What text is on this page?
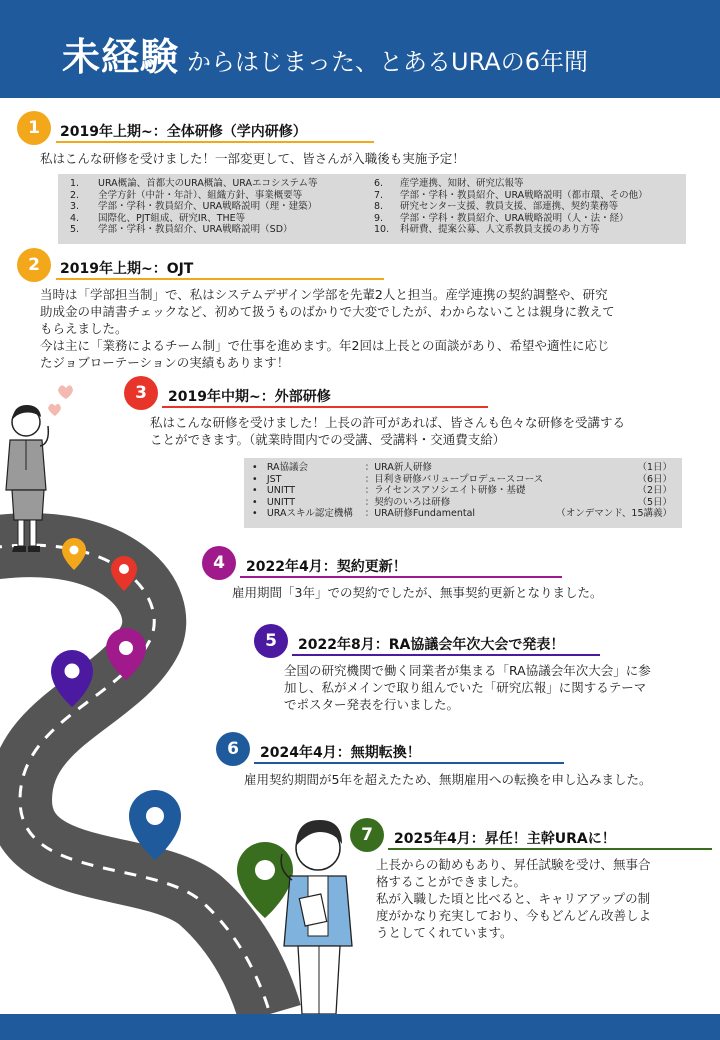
未経験 からはじまった、とあるURAの6年間
1	2019年上期~：全体研修（学内研修）
私はこんな研修を受けました！一部変更して、皆さんが入職後も実施予定！
1.	URA概論、首都大のURA概論、URAエコシステム等	6.	産学連携、知財、研究広報等
2.	全学方針（中計・年計）、組織方針、事業概要等	7.	学部・学科・教員紹介、URA戦略説明（都市環、その他）
3.	学部・学科・教員紹介、URA戦略説明（理・建築）	8.	研究センター支援、教員支援、部連携、契約業務等
4.	国際化、PJT組成、研究IR、THE等	9.	学部・学科・教員紹介、URA戦略説明（人・法・経）
5.	学部・学科・教員紹介、URA戦略説明（SD）	10.	科研費、提案公募、人文系教員支援のあり方等
2	2019年上期~：OJT
当時は「学部担当制」で、私はシステムデザイン学部を先輩2人と担当。産学連携の契約調整や、研究
助成金の申請書チェックなど、初めて扱うものばかりで大変でしたが、わからないことは親身に教えて
もらえました。
今は主に「業務によるチーム制」で仕事を進めます。年2回は上長との面談があり、希望や適性に応じ
たジョブローテーションの実績もあります！
3	2019年中期~：外部研修
私はこんな研修を受けました！上長の許可があれば、皆さんも色々な研修を受講する
ことができます。（就業時間内での受講、受講料・交通費支給）
•	RA協議会	：URA新人研修	（1日）
•	JST	：目利き研修バリュープロデュースコース	（6日）
•	UNITT	：ライセンスアソシエイト研修・基礎	（2日）
•	UNITT	：契約のいろは研修	（5日）
•	URAスキル認定機構	：URA研修Fundamental	（オンデマンド、15講義）
4	2022年4月：契約更新！
雇用期間「3年」での契約でしたが、無事契約更新となりました。
5	2022年8月：RA協議会年次大会で発表！
全国の研究機関で働く同業者が集まる「RA協議会年次大会」に参
加し、私がメインで取り組んでいた「研究広報」に関するテーマ
でポスター発表を行いました。
6	2024年4月：無期転換！
雇用契約期間が5年を超えたため、無期雇用への転換を申し込みました。
7	2025年4月：昇任！主幹URAに！
上長からの勧めもあり、昇任試験を受け、無事合
格することができました。
私が入職した頃と比べると、キャリアアップの制
度がかなり充実しており、今もどんどん改善しよ
うとしてくれています。
